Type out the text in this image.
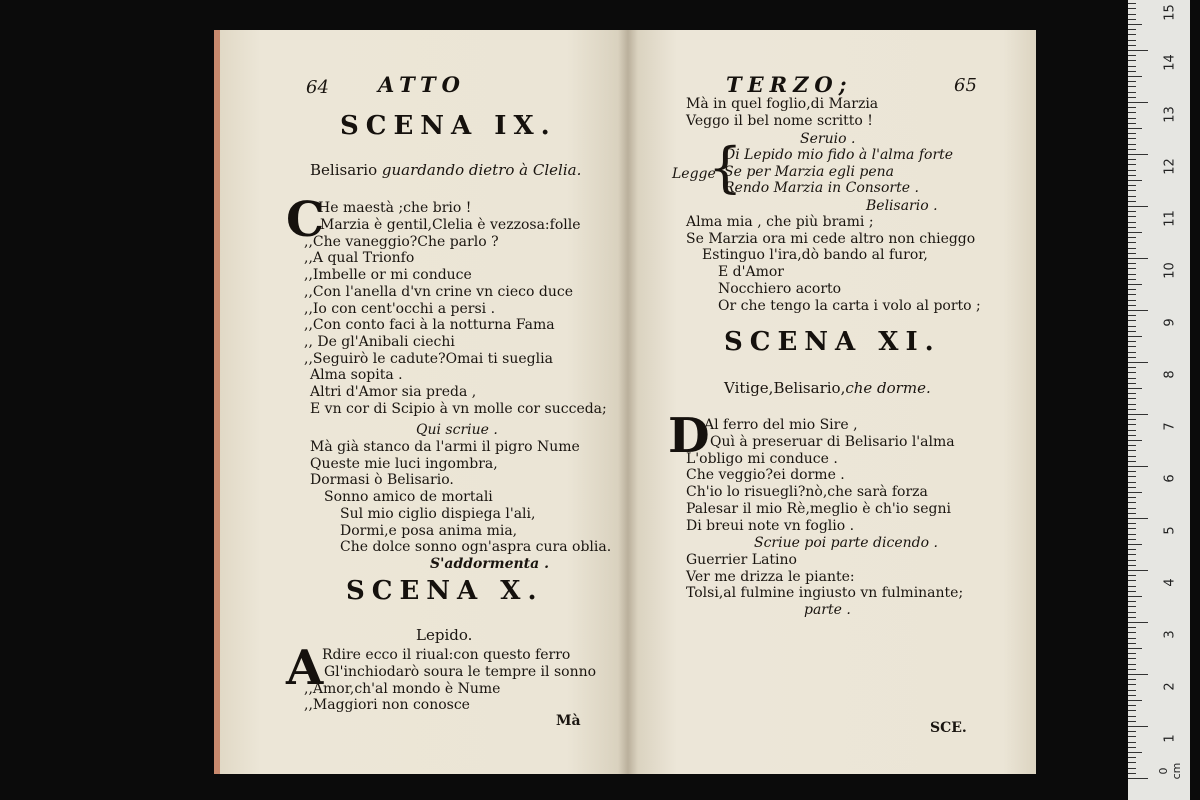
64 ATTO
SCENA IX.
Belisario guardando dietro à Clelia.
C
He maestà ;che brio !
Marzia è gentil,Clelia è vezzosa:folle
,,Che vaneggio?Che parlo ?
,,A qual Trionfo
,,Imbelle or mi conduce
,,Con l'anella d'vn crine vn cieco duce
,,Io con cent'occhi a persi .
,,Con conto faci à la notturna Fama
,, De gl'Anibali ciechi
,,Seguirò le cadute?Omai ti sueglia
Alma sopita .
Altri d'Amor sia preda ,
E vn cor di Scipio à vn molle cor succeda;
Qui scriue .
Mà già stanco da l'armi il pigro Nume
Queste mie luci ingombra,
Dormasi ò Belisario.
Sonno amico de mortali
Sul mio ciglio dispiega l'ali,
Dormi,e posa anima mia,
Che dolce sonno ogn'aspra cura oblia.
S'addormenta .
SCENA X.
Lepido.
A
Rdire ecco il riual:con questo ferro
Gl'inchiodarò soura le tempre il sonno
,,Amor,ch'al mondo è Nume
,,Maggiori non conosce
Mà
TERZO;	65
Mà in quel foglio,di Marzia
Veggo il bel nome scritto !
Seruio .
Legge
{
Di Lepido mio fido à l'alma forte
Se per Marzia egli pena
Rendo Marzia in Consorte .
Belisario .
Alma mia , che più brami ;
Se Marzia ora mi cede altro non chieggo
Estinguo l'ira,dò bando al furor,
E d'Amor
Nocchiero acorto
Or che tengo la carta i volo al porto ;
SCENA XI.
Vitige,Belisario,che dorme.
D
Al ferro del mio Sire ,
Quì à preseruar di Belisario l'alma
L'obligo mi conduce .
Che veggio?ei dorme .
Ch'io lo risuegli?nò,che sarà forza
Palesar il mio Rè,meglio è ch'io segni
Di breui note vn foglio .
Scriue poi parte dicendo .
Guerrier Latino
Ver me drizza le piante:
Tolsi,al fulmine ingiusto vn fulminante;
parte .
SCE.
0 cm
1
2
3
4
5
6
7
8
9
10
11
12
13
14
15
